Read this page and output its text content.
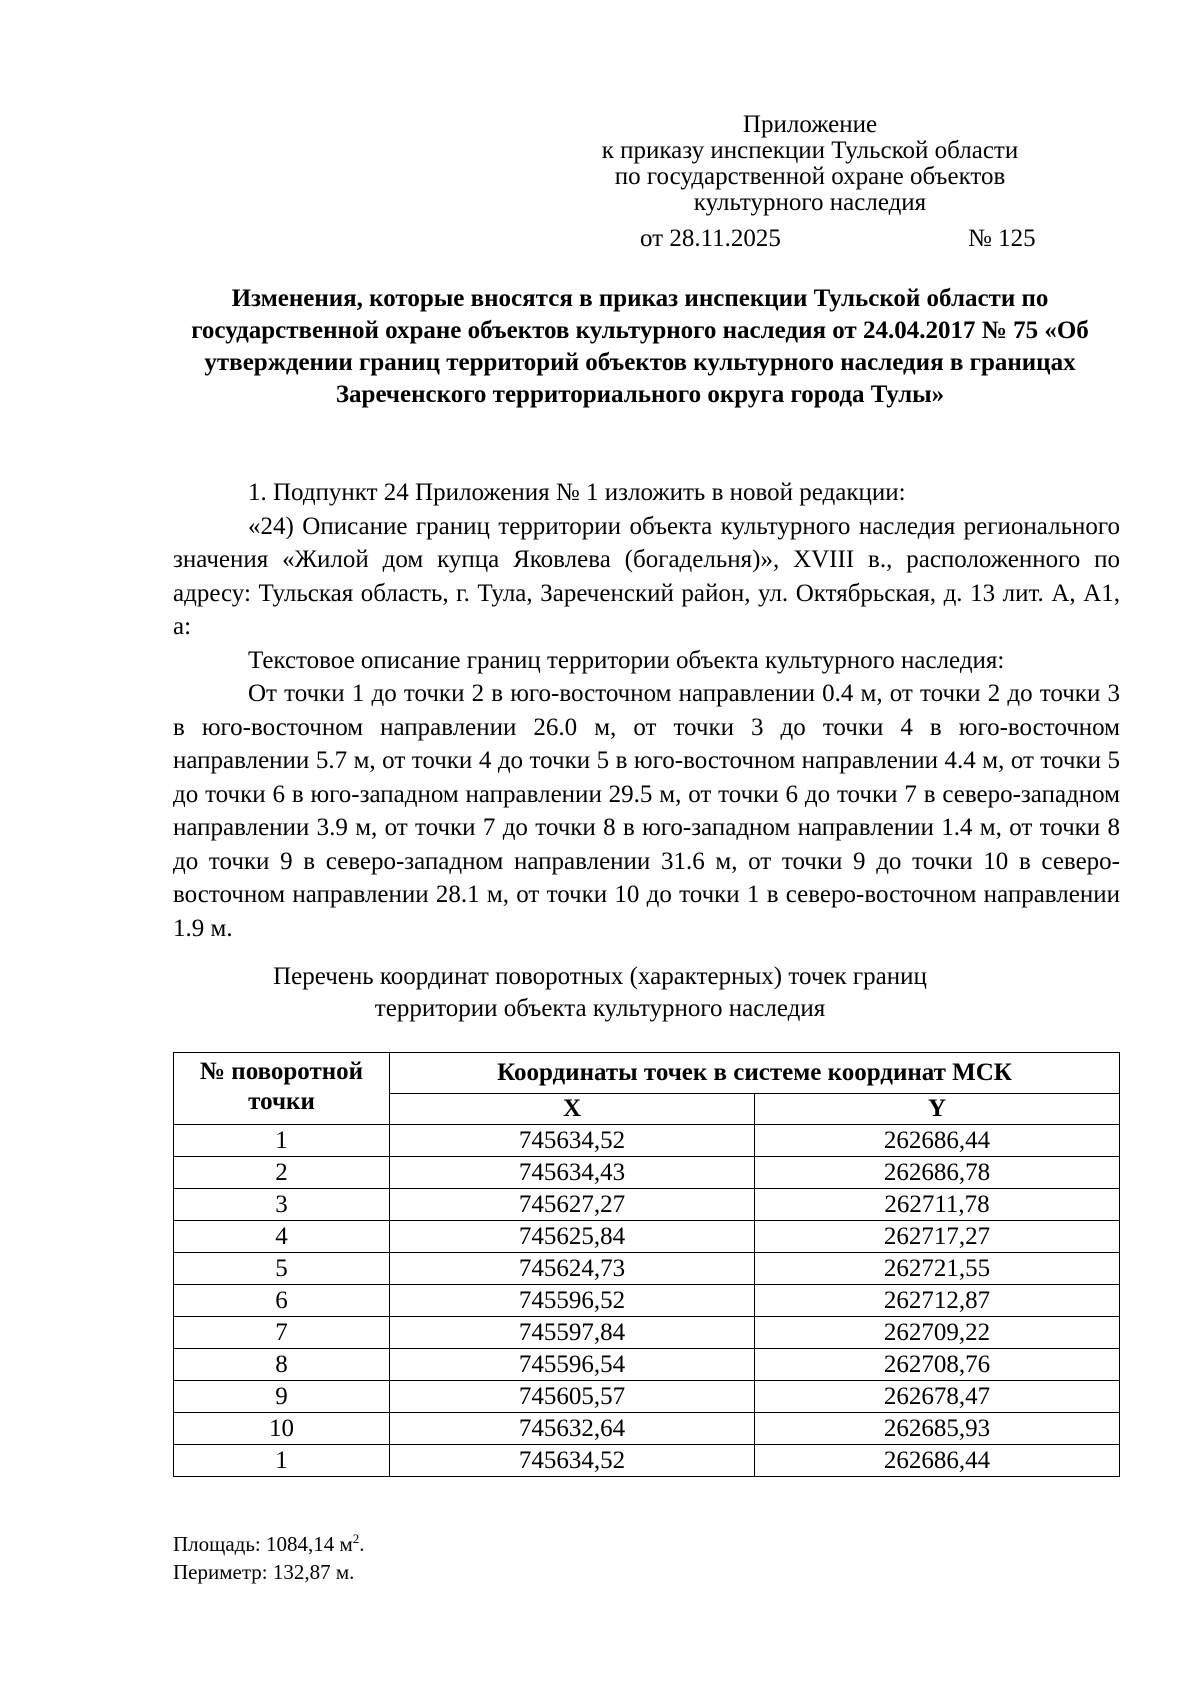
Приложение
к приказу инспекции Тульской области
по государственной охране объектов
культурного наследия
от 28.11.2025	№ 125
Изменения, которые вносятся в приказ инспекции Тульской области по государственной охране объектов культурного наследия от 24.04.2017 № 75 «Об утверждении границ территорий объектов культурного наследия в границах Зареченского территориального округа города Тулы»

1. Подпункт 24 Приложения № 1 изложить в новой редакции:

«24) Описание границ территории объекта культурного наследия регионального значения «Жилой дом купца Яковлева (богадельня)», XVIII в., расположенного по адресу: Тульская область, г. Тула, Зареченский район, ул. Октябрьская, д. 13 лит. А, А1, а:

Текстовое описание границ территории объекта культурного наследия:

От точки 1 до точки 2 в юго-восточном направлении 0.4 м, от точки 2 до точки 3 в юго-восточном направлении 26.0 м, от точки 3 до точки 4 в юго-восточном направлении 5.7 м, от точки 4 до точки 5 в юго-восточном направлении 4.4 м, от точки 5 до точки 6 в юго-западном направлении 29.5 м, от точки 6 до точки 7 в северо-западном направлении 3.9 м, от точки 7 до точки 8 в юго-западном направлении 1.4 м, от точки 8 до точки 9 в северо-западном направлении 31.6 м, от точки 9 до точки 10 в северо-восточном направлении 28.1 м, от точки 10 до точки 1 в северо-восточном направлении 1.9 м.

Перечень координат поворотных (характерных) точек границ
территории объекта культурного наследия
№ поворотной точки	Координаты точек в системе координат МСК	
	X	Y
1	745634,52	262686,44
2	745634,43	262686,78
3	745627,27	262711,78
4	745625,84	262717,27
5	745624,73	262721,55
6	745596,52	262712,87
7	745597,84	262709,22
8	745596,54	262708,76
9	745605,57	262678,47
10	745632,64	262685,93
1	745634,52	262686,44
Площадь: 1084,14 $м^2$.
Периметр: 132,87 м.
